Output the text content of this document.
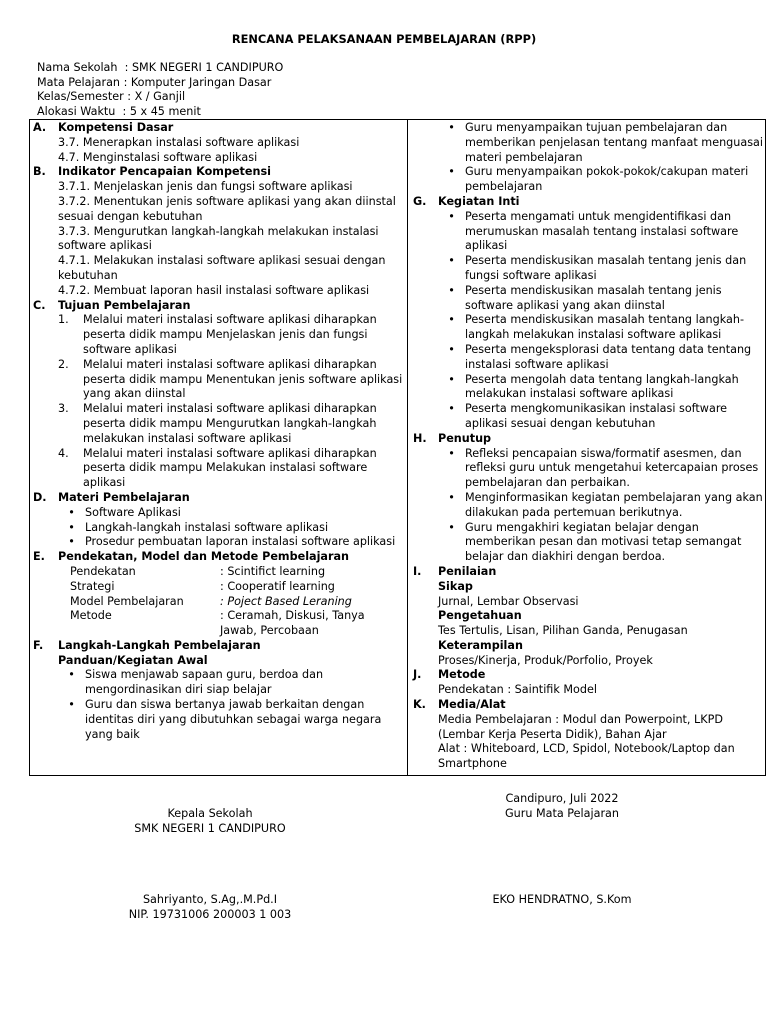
RENCANA PELAKSANAAN PEMBELAJARAN (RPP)
Nama Sekolah : SMK NEGERI 1 CANDIPURO
Mata Pelajaran : Komputer Jaringan Dasar
Kelas/Semester : X / Ganjil
Alokasi Waktu : 5 x 45 menit
A.	Kompetensi Dasar
3.7. Menerapkan instalasi software aplikasi
4.7. Menginstalasi software aplikasi
B.	Indikator Pencapaian Kompetensi
3.7.1. Menjelaskan jenis dan fungsi software aplikasi
3.7.2. Menentukan jenis software aplikasi yang akan diinstal sesuai dengan kebutuhan
3.7.3. Mengurutkan langkah-langkah melakukan instalasi software aplikasi
4.7.1. Melakukan instalasi software aplikasi sesuai dengan kebutuhan
4.7.2. Membuat laporan hasil instalasi software aplikasi
C.	Tujuan Pembelajaran
1.	Melalui materi instalasi software aplikasi diharapkan peserta didik mampu Menjelaskan jenis dan fungsi software aplikasi
2.	Melalui materi instalasi software aplikasi diharapkan peserta didik mampu Menentukan jenis software aplikasi yang akan diinstal
3.	Melalui materi instalasi software aplikasi diharapkan peserta didik mampu Mengurutkan langkah-langkah melakukan instalasi software aplikasi
4.	Melalui materi instalasi software aplikasi diharapkan peserta didik mampu Melakukan instalasi software aplikasi
D.	Materi Pembelajaran
• Software Aplikasi
• Langkah-langkah instalasi software aplikasi
• Prosedur pembuatan laporan instalasi software aplikasi
E.	Pendekatan, Model dan Metode Pembelajaran
Pendekatan	: Scintifict learning
Strategi	: Cooperatif learning
Model Pembelajaran	: Poject Based Leraning
Metode	: Ceramah, Diskusi, Tanya Jawab, Percobaan
F.	Langkah-Langkah Pembelajaran
Panduan/Kegiatan Awal
• Siswa menjawab sapaan guru, berdoa dan mengordinasikan diri siap belajar
• Guru dan siswa bertanya jawab berkaitan dengan identitas diri yang dibutuhkan sebagai warga negara yang baik
• Guru menyampaikan tujuan pembelajaran dan memberikan penjelasan tentang manfaat menguasai materi pembelajaran
• Guru menyampaikan pokok-pokok/cakupan materi pembelajaran
G.	Kegiatan Inti
• Peserta mengamati untuk mengidentifikasi dan merumuskan masalah tentang instalasi software aplikasi
• Peserta mendiskusikan masalah tentang jenis dan fungsi software aplikasi
• Peserta mendiskusikan masalah tentang jenis software aplikasi yang akan diinstal
• Peserta mendiskusikan masalah tentang langkah-langkah melakukan instalasi software aplikasi
• Peserta mengeksplorasi data tentang data tentang instalasi software aplikasi
• Peserta mengolah data tentang langkah-langkah melakukan instalasi software aplikasi
• Peserta mengkomunikasikan instalasi software aplikasi sesuai dengan kebutuhan
H.	Penutup
• Refleksi pencapaian siswa/formatif asesmen, dan refleksi guru untuk mengetahui ketercapaian proses pembelajaran dan perbaikan.
• Menginformasikan kegiatan pembelajaran yang akan dilakukan pada pertemuan berikutnya.
• Guru mengakhiri kegiatan belajar dengan memberikan pesan dan motivasi tetap semangat belajar dan diakhiri dengan berdoa.
I.	Penilaian
Sikap
Jurnal, Lembar Observasi
Pengetahuan
Tes Tertulis, Lisan, Pilihan Ganda, Penugasan
Keterampilan
Proses/Kinerja, Produk/Porfolio, Proyek
J.	Metode
Pendekatan : Saintifik Model
K.	Media/Alat
Media Pembelajaran : Modul dan Powerpoint, LKPD (Lembar Kerja Peserta Didik), Bahan Ajar
Alat : Whiteboard, LCD, Spidol, Notebook/Laptop dan Smartphone
Candipuro, Juli 2022
Guru Mata Pelajaran
Kepala Sekolah
SMK NEGERI 1 CANDIPURO
Sahriyanto, S.Ag,.M.Pd.I
NIP. 19731006 200003 1 003
EKO HENDRATNO, S.Kom
